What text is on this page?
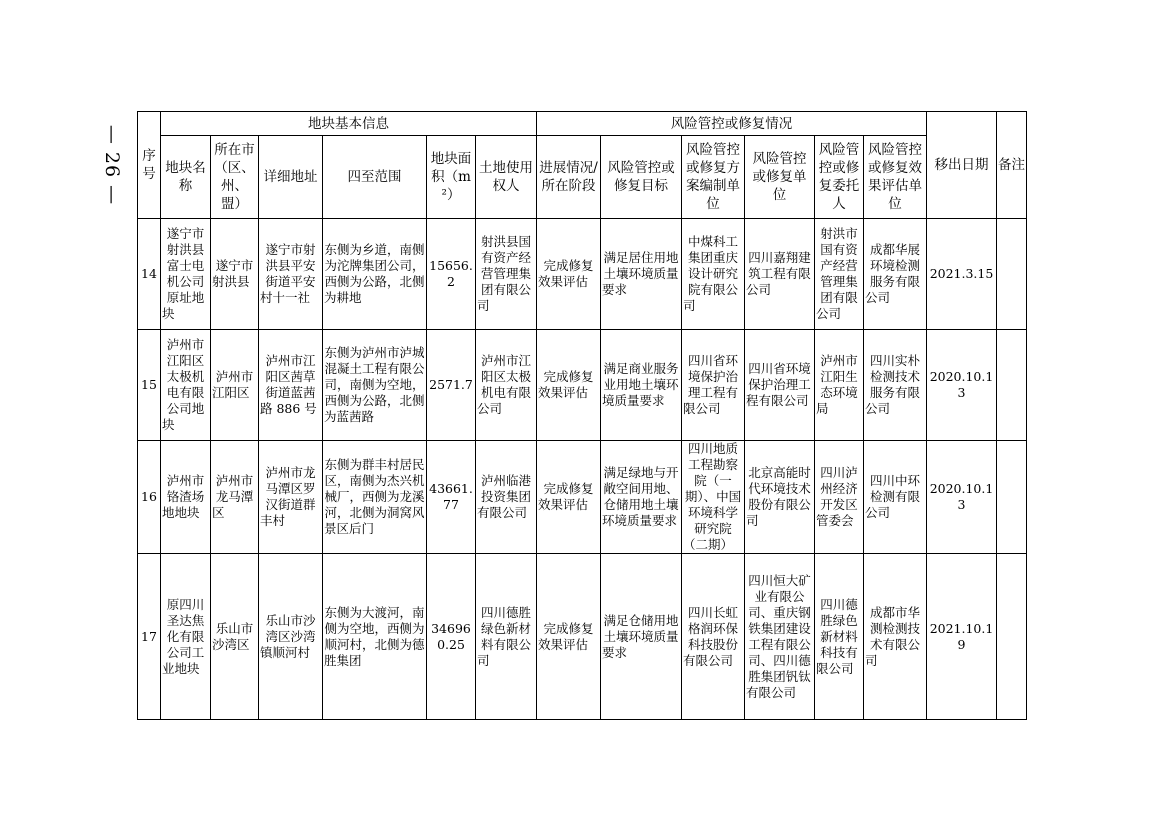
— 26 — 序号	地块基本信息						风险管控或修复情况						移出日期	备注
	地块名称	所在市（区、州、盟）	详细地址	四至范围	地块面积（m²）	土地使用权人	进展情况/所在阶段	风险管控或修复目标	风险管控或修复方案编制单位	风险管控或修复单位	风险管控或修复委托人	风险管控或修复效果评估单位		
14	遂宁市射洪县富士电机公司原址地块	遂宁市射洪县	遂宁市射洪县平安街道平安村十一社	东侧为乡道，南侧为沱牌集团公司，西侧为公路，北侧为耕地	15656.2	射洪县国有资产经营管理集团有限公司	完成修复效果评估	满足居住用地土壤环境质量要求	中煤科工集团重庆设计研究院有限公司	四川嘉翔建筑工程有限公司	射洪市国有资产经营管理集团有限公司	成都华展环境检测服务有限公司	2021.3.15	
15	泸州市江阳区太极机电有限公司地块	泸州市江阳区	泸州市江阳区茜草街道蓝茜路 886 号	东侧为泸州市泸城混凝土工程有限公司，南侧为空地，西侧为公路，北侧为蓝茜路	2571.7	泸州市江阳区太极机电有限公司	完成修复效果评估	满足商业服务业用地土壤环境质量要求	四川省环境保护治理工程有限公司	四川省环境保护治理工程有限公司	泸州市江阳生态环境局	四川实朴检测技术服务有限公司	2020.10.13	
16	泸州市铬渣场地地块	泸州市龙马潭区	泸州市龙马潭区罗汉街道群丰村	东侧为群丰村居民区，南侧为杰兴机械厂，西侧为龙溪河，北侧为洞窝风景区后门	43661.77	泸州临港投资集团有限公司	完成修复效果评估	满足绿地与开敞空间用地、仓储用地土壤环境质量要求	四川地质工程勘察院（一期）、中国环境科学研究院（二期）	北京高能时代环境技术股份有限公司	四川泸州经济开发区管委会	四川中环检测有限公司	2020.10.13	
17	原四川圣达焦化有限公司工业地块	乐山市沙湾区	乐山市沙湾区沙湾镇顺河村	东侧为大渡河，南侧为空地，西侧为顺河村，北侧为德胜集团	346960.25	四川德胜绿色新材料有限公司	完成修复效果评估	满足仓储用地土壤环境质量要求	四川长虹格润环保科技股份有限公司	四川恒大矿业有限公司、重庆钢铁集团建设工程有限公司、四川德胜集团钒钛有限公司	四川德胜绿色新材料科技有限公司	成都市华测检测技术有限公司	2021.10.19	
